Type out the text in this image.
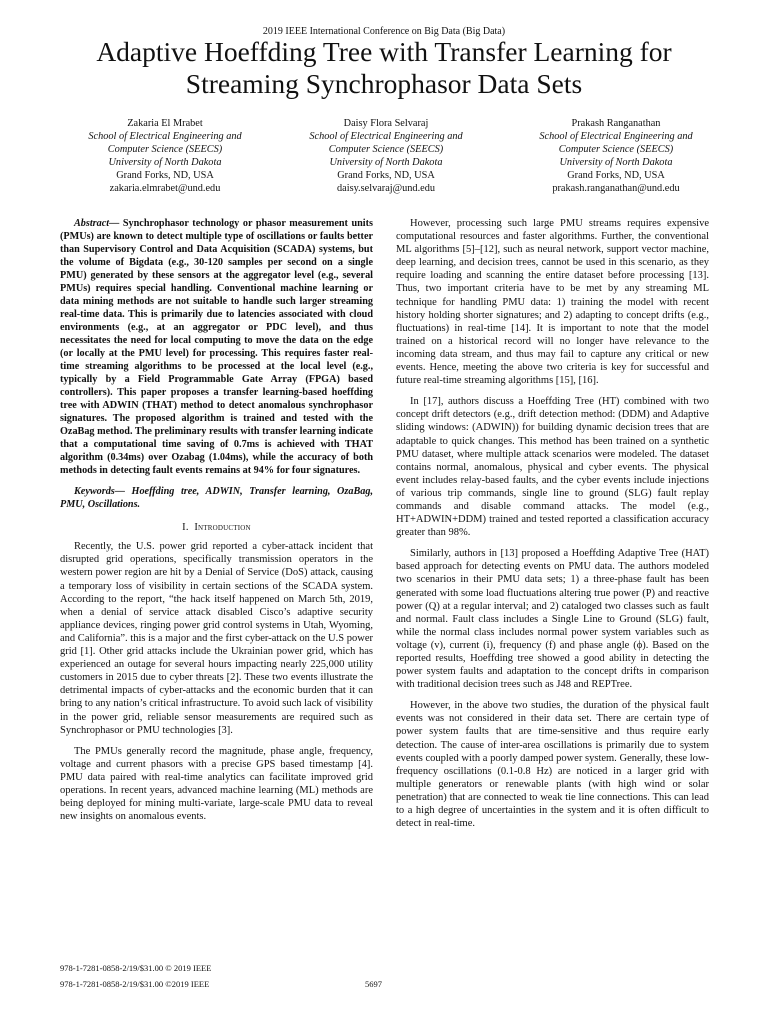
2019 IEEE International Conference on Big Data (Big Data)
Adaptive Hoeffding Tree with Transfer Learning for
Streaming Synchrophasor Data Sets
Zakaria El Mrabet
School of Electrical Engineering and
Computer Science (SEECS)
University of North Dakota
Grand Forks, ND, USA
zakaria.elmrabet@und.edu
Daisy Flora Selvaraj
School of Electrical Engineering and
Computer Science (SEECS)
University of North Dakota
Grand Forks, ND, USA
daisy.selvaraj@und.edu
Prakash Ranganathan
School of Electrical Engineering and
Computer Science (SEECS)
University of North Dakota
Grand Forks, ND, USA
prakash.ranganathan@und.edu

Abstract— Synchrophasor technology or phasor measurement units (PMUs) are known to detect multiple type of oscillations or faults better than Supervisory Control and Data Acquisition (SCADA) systems, but the volume of Bigdata (e.g., 30-120 samples per second on a single PMU) generated by these sensors at the aggregator level (e.g., several PMUs) requires special handling. Conventional machine learning or data mining methods are not suitable to handle such larger streaming real-time data. This is primarily due to latencies associated with cloud environments (e.g., at an aggregator or PDC level), and thus necessitates the need for local computing to move the data on the edge (or locally at the PMU level) for processing. This requires faster real-time streaming algorithms to be processed at the local level (e.g., typically by a Field Programmable Gate Array (FPGA) based controllers). This paper proposes a transfer learning-based hoeffding tree with ADWIN (THAT) method to detect anomalous synchrophasor signatures. The proposed algorithm is trained and tested with the OzaBag method. The preliminary results with transfer learning indicate that a computational time saving of 0.7ms is achieved with THAT algorithm (0.34ms) over Ozabag (1.04ms), while the accuracy of both methods in detecting fault events remains at 94% for four signatures.

Keywords— Hoeffding tree, ADWIN, Transfer learning, OzaBag, PMU, Oscillations.

I. Introduction

Recently, the U.S. power grid reported a cyber-attack incident that disrupted grid operations, specifically transmission operators in the western power region are hit by a Denial of Service (DoS) attack, causing a temporary loss of visibility in certain sections of the SCADA system. According to the report, “the hack itself happened on March 5th, 2019, when a denial of service attack disabled Cisco’s adaptive security appliance devices, ringing power grid control systems in Utah, Wyoming, and California”. this is a major and the first cyber-attack on the U.S power grid [1]. Other grid attacks include the Ukrainian power grid, which has experienced an outage for several hours impacting nearly 225,000 utility customers in 2015 due to cyber threats [2]. These two events illustrate the detrimental impacts of cyber-attacks and the economic burden that it can bring to any nation’s critical infrastructure. To avoid such lack of visibility in the power grid, reliable sensor measurements are required such as Synchrophasor or PMU technologies [3].

The PMUs generally record the magnitude, phase angle, frequency, voltage and current phasors with a precise GPS based timestamp [4]. PMU data paired with real-time analytics can facilitate improved grid operations. In recent years, advanced machine learning (ML) methods are being deployed for mining multi-variate, large-scale PMU data to reveal new insights on anomalous events.

However, processing such large PMU streams requires expensive computational resources and faster algorithms. Further, the conventional ML algorithms [5]–[12], such as neural network, support vector machine, deep learning, and decision trees, cannot be used in this scenario, as they require loading and scanning the entire dataset before processing [13]. Thus, two important criteria have to be met by any streaming ML technique for handling PMU data: 1) training the model with recent history holding shorter signatures; and 2) adapting to concept drifts (e.g., fluctuations) in real-time [14]. It is important to note that the model trained on a historical record will no longer have relevance to the incoming data stream, and thus may fail to capture any critical or new events. Hence, meeting the above two criteria is key for successful and future real-time streaming algorithms [15], [16].

In [17], authors discuss a Hoeffding Tree (HT) combined with two concept drift detectors (e.g., drift detection method: (DDM) and Adaptive sliding windows: (ADWIN)) for building dynamic decision trees that are adaptable to quick changes. This method has been trained on a synthetic PMU dataset, where multiple attack scenarios were modeled. The dataset contains normal, anomalous, physical and cyber events. The physical event includes relay-based faults, and the cyber events include injections of various trip commands, single line to ground (SLG) fault replay commands and disable command attacks. The model (e.g., HT+ADWIN+DDM) trained and tested reported a classification accuracy greater than 98%.

Similarly, authors in [13] proposed a Hoeffding Adaptive Tree (HAT) based approach for detecting events on PMU data. The authors modeled two scenarios in their PMU data sets; 1) a three-phase fault has been generated with some load fluctuations altering true power (P) and reactive power (Q) at a regular interval; and 2) cataloged two classes such as fault and normal. Fault class includes a Single Line to Ground (SLG) fault, while the normal class includes normal power system variables such as voltage (v), current (i), frequency (f) and phase angle (ϕ). Based on the reported results, Hoeffding tree showed a good ability in detecting the power system faults and adaptation to the concept drifts in comparison with traditional decision trees such as J48 and REPTree.

However, in the above two studies, the duration of the physical fault events was not considered in their data set. There are certain type of power system faults that are time-sensitive and thus require early detection. The cause of inter-area oscillations is primarily due to system events coupled with a poorly damped power system. Generally, these low-frequency oscillations (0.1-0.8 Hz) are noticed in a larger grid with multiple generators or renewable plants (with high wind or solar penetration) that are connected to weak tie line connections. This can lead to a high degree of uncertainties in the system and it is often difficult to detect in real-time.

978-1-7281-0858-2/19/$31.00 © 2019 IEEE
978-1-7281-0858-2/19/$31.00 ©2019 IEEE	5697
